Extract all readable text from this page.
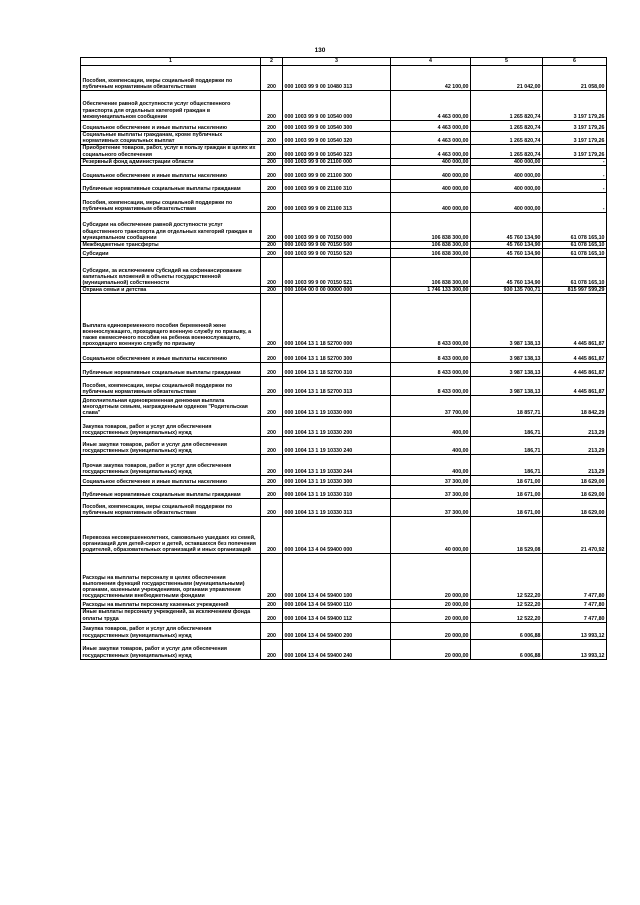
130
1	2	3	4	5	6
Пособия, компенсации, меры социальной поддержки по публичным нормативным обязательствам	200	000 1003 99 9 00 10480 313	42 100,00	21 042,00	21 058,00
Обеспечение равной доступности услуг общественного транспорта для отдельных категорий граждан в межмуниципальном сообщении	200	000 1003 99 9 00 10540 000	4 463 000,00	1 265 820,74	3 197 179,26
Социальное обеспечение и иные выплаты населению	200	000 1003 99 9 00 10540 300	4 463 000,00	1 265 820,74	3 197 179,26
Социальные выплаты гражданам, кроме публичных нормативных социальных выплат	200	000 1003 99 9 00 10540 320	4 463 000,00	1 265 820,74	3 197 179,26
Приобретение товаров, работ, услуг в пользу граждан в целях их социального обеспечения	200	000 1003 99 9 00 10540 323	4 463 000,00	1 265 820,74	3 197 179,26
Резервный фонд администрации области	200	000 1003 99 9 00 21100 000	400 000,00	400 000,00	-
Социальное обеспечение и иные выплаты населению	200	000 1003 99 9 00 21100 300	400 000,00	400 000,00	-
Публичные нормативные социальные выплаты гражданам	200	000 1003 99 9 00 21100 310	400 000,00	400 000,00	-
Пособия, компенсации, меры социальной поддержки по публичным нормативным обязательствам	200	000 1003 99 9 00 21100 313	400 000,00	400 000,00	-
Субсидии на обеспечение равной доступности услуг общественного транспорта для отдельных категорий граждан в муниципальном сообщении	200	000 1003 99 9 00 70150 000	106 838 300,00	45 760 134,90	61 078 165,10
Межбюджетные трансферты	200	000 1003 99 9 00 70150 500	106 838 300,00	45 760 134,90	61 078 165,10
Субсидии	200	000 1003 99 9 00 70150 520	106 838 300,00	45 760 134,90	61 078 165,10
Субсидии, за исключением субсидий на софинансирование капитальных вложений в объекты государственной (муниципальной) собственности	200	000 1003 99 9 00 70150 521	106 838 300,00	45 760 134,90	61 078 165,10
Охрана семьи и детства	200	000 1004 00 0 00 00000 000	1 746 133 300,00	930 135 700,71	815 997 599,29
Выплата единовременного пособия беременной жене военнослужащего, проходящего военную службу по призыву, а также ежемесячного пособия на ребенка военнослужащего, проходящего военную службу по призыву	200	000 1004 13 1 18 52700 000	8 433 000,00	3 987 138,13	4 445 861,87
Социальное обеспечение и иные выплаты населению	200	000 1004 13 1 18 52700 300	8 433 000,00	3 987 138,13	4 445 861,87
Публичные нормативные социальные выплаты гражданам	200	000 1004 13 1 18 52700 310	8 433 000,00	3 987 138,13	4 445 861,87
Пособия, компенсации, меры социальной поддержки по публичным нормативным обязательствам	200	000 1004 13 1 18 52700 313	8 433 000,00	3 987 138,13	4 445 861,87
Дополнительная единовременная денежная выплата многодетным семьям, награжденным орденом "Родительская слава"	200	000 1004 13 1 19 10330 000	37 700,00	18 857,71	18 842,29
Закупка товаров, работ и услуг для обеспечения государственных (муниципальных) нужд	200	000 1004 13 1 19 10330 200	400,00	186,71	213,29
Иные закупки товаров, работ и услуг для обеспечения государственных (муниципальных) нужд	200	000 1004 13 1 19 10330 240	400,00	186,71	213,29
Прочая закупка товаров, работ и услуг для обеспечения государственных (муниципальных) нужд	200	000 1004 13 1 19 10330 244	400,00	186,71	213,29
Социальное обеспечение и иные выплаты населению	200	000 1004 13 1 19 10330 300	37 300,00	18 671,00	18 629,00
Публичные нормативные социальные выплаты гражданам	200	000 1004 13 1 19 10330 310	37 300,00	18 671,00	18 629,00
Пособия, компенсации, меры социальной поддержки по публичным нормативным обязательствам	200	000 1004 13 1 19 10330 313	37 300,00	18 671,00	18 629,00
Перевозка несовершеннолетних, самовольно ушедших из семей, организаций для детей-сирот и детей, оставшихся без попечения родителей, образовательных организаций и иных организаций	200	000 1004 13 4 04 59400 000	40 000,00	18 529,08	21 470,92
Расходы на выплаты персоналу в целях обеспечения выполнения функций государственными (муниципальными) органами, казенными учреждениями, органами управления государственными внебюджетными фондами	200	000 1004 13 4 04 59400 100	20 000,00	12 522,20	7 477,80
Расходы на выплаты персоналу казенных учреждений	200	000 1004 13 4 04 59400 110	20 000,00	12 522,20	7 477,80
Иные выплаты персоналу учреждений, за исключением фонда оплаты труда	200	000 1004 13 4 04 59400 112	20 000,00	12 522,20	7 477,80
Закупка товаров, работ и услуг для обеспечения государственных (муниципальных) нужд	200	000 1004 13 4 04 59400 200	20 000,00	6 006,88	13 993,12
Иные закупки товаров, работ и услуг для обеспечения государственных (муниципальных) нужд	200	000 1004 13 4 04 59400 240	20 000,00	6 006,88	13 993,12
